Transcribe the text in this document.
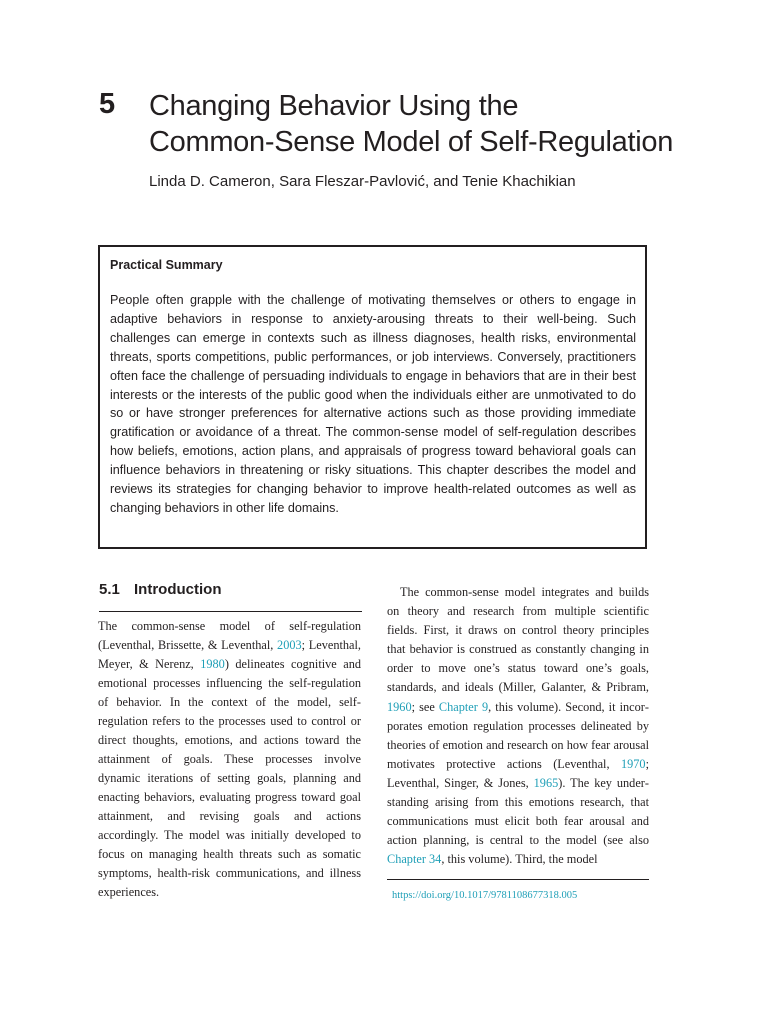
5 Changing Behavior Using the
Common-Sense Model of Self-Regulation
Linda D. Cameron, Sara Fleszar-Pavlović, and Tenie Khachikian
Practical Summary
People often grapple with the challenge of motivating themselves or others to engage in adaptive behaviors in response to anxiety-arousing threats to their well-being. Such challenges can emerge in contexts such as illness diagnoses, health risks, environmental threats, sports competitions, public performances, or job interviews. Conversely, practitioners often face the challenge of persuading individuals to engage in behaviors that are in their best interests or the interests of the public good when the individuals either are unmotivated to do so or have stronger preferences for alternative actions such as those providing immediate gratification or avoidance of a threat. The common-sense model of self-regulation describes how beliefs, emotions, action plans, and appraisals of progress toward behavioral goals can influence behaviors in threatening or risky situations. This chapter describes the model and reviews its strategies for changing behavior to improve health-related outcomes as well as changing behaviors in other life domains.
5.1 Introduction
The common-sense model of self-regulation (Leventhal, Brissette, & Leventhal, 2003; Leventhal, Meyer, & Nerenz, 1980) delineates cognitive and emotional processes influencing the self-regulation of behavior. In the context of the model, self-regulation refers to the processes used to control or direct thoughts, emotions, and actions toward the attainment of goals. These processes involve dynamic iterations of setting goals, planning and enacting behaviors, evaluating progress toward goal attainment, and revising goals and actions accordingly. The model was initially developed to focus on managing health threats such as somatic symptoms, health-risk communications, and illness experiences.
The common-sense model integrates and builds on theory and research from multiple scientific fields. First, it draws on control theory principles that behavior is construed as constantly changing in order to move one’s status toward one’s goals, standards, and ideals (Miller, Galanter, & Pribram, 1960; see Chapter 9, this volume). Second, it incorporates emotion regulation processes delineated by theories of emotion and research on how fear arousal motivates protective actions (Leventhal, 1970; Leventhal, Singer, & Jones, 1965). The key understanding arising from this emotions research, that communications must elicit both fear arousal and action planning, is central to the model (see also Chapter 34, this volume). Third, the model
https://doi.org/10.1017/9781108677318.005
